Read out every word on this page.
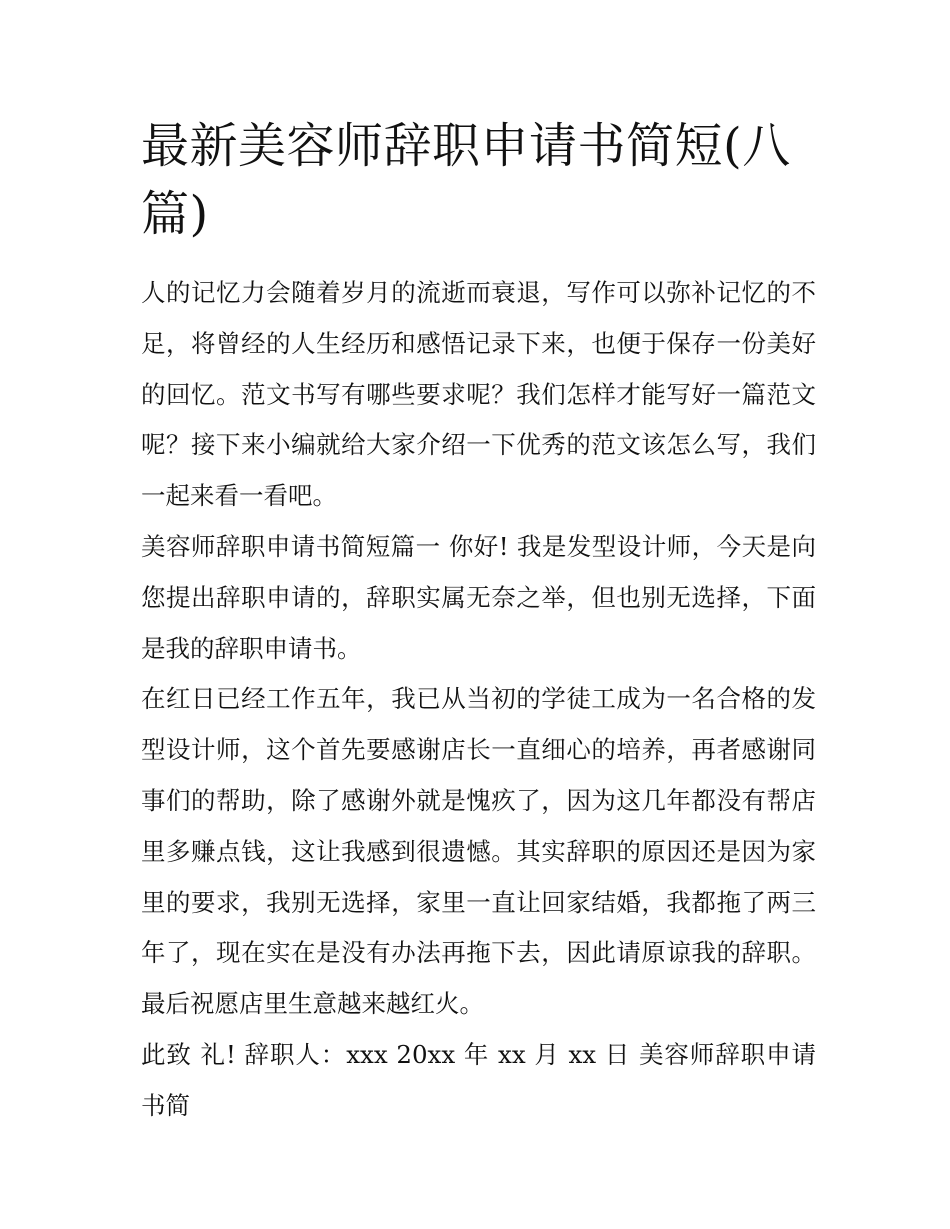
最新美容师辞职申请书简短(八篇)

人的记忆力会随着岁月的流逝而衰退，写作可以弥补记忆的不足，将曾经的人生经历和感悟记录下来，也便于保存一份美好的回忆。范文书写有哪些要求呢？我们怎样才能写好一篇范文呢？接下来小编就给大家介绍一下优秀的范文该怎么写，我们一起来看一看吧。

美容师辞职申请书简短篇一 你好! 我是发型设计师，今天是向您提出辞职申请的，辞职实属无奈之举，但也别无选择，下面是我的辞职申请书。

在红日已经工作五年，我已从当初的学徒工成为一名合格的发型设计师，这个首先要感谢店长一直细心的培养，再者感谢同事们的帮助，除了感谢外就是愧疚了，因为这几年都没有帮店里多赚点钱，这让我感到很遗憾。其实辞职的原因还是因为家里的要求，我别无选择，家里一直让回家结婚，我都拖了两三年了，现在实在是没有办法再拖下去，因此请原谅我的辞职。最后祝愿店里生意越来越红火。

此致 礼! 辞职人：xxx 20xx 年 xx 月 xx 日 美容师辞职申请书简
